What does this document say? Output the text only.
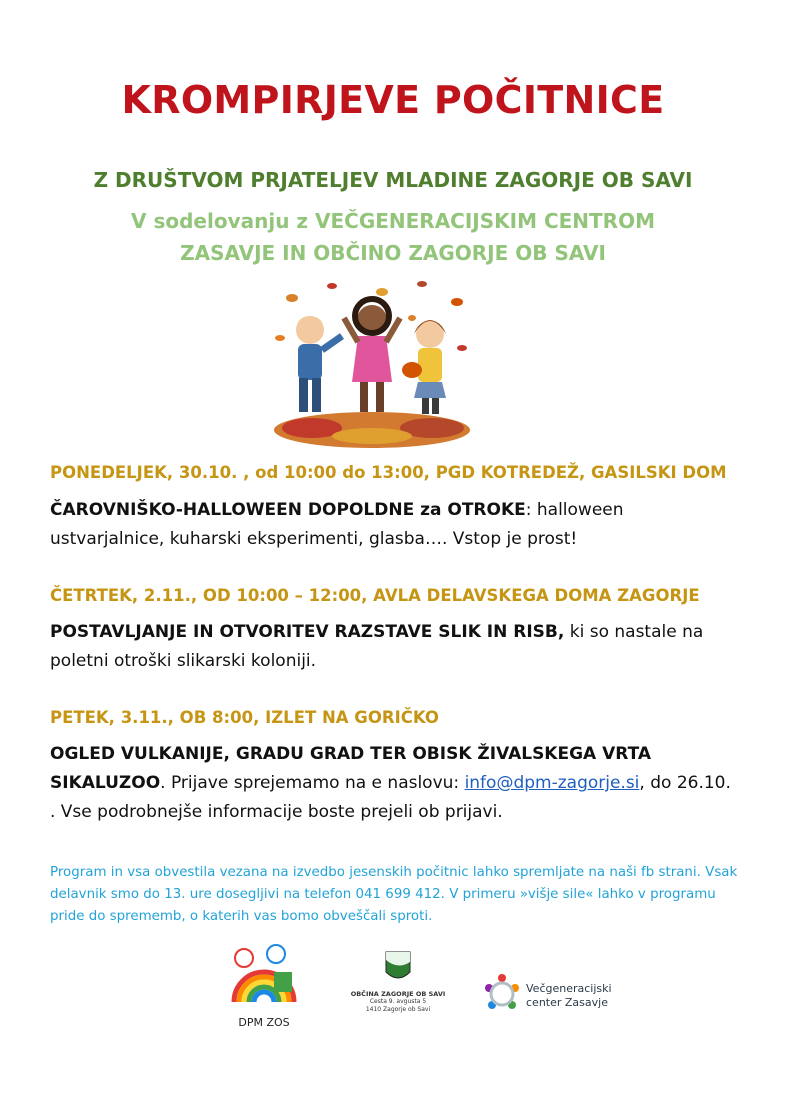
KROMPIRJEVE POČITNICE
Z DRUŠTVOM PRJATELJEV MLADINE ZAGORJE OB SAVI
V sodelovanju z VEČGENERACIJSKIM CENTROM
ZASAVJE IN OBČINO ZAGORJE OB SAVI
PONEDELJEK, 30.10. , od 10:00 do 13:00, PGD KOTREDEŽ, GASILSKI DOM
ČAROVNIŠKO-HALLOWEEN DOPOLDNE za OTROKE: halloween ustvarjalnice, kuharski eksperimenti, glasba…. Vstop je prost!
ČETRTEK, 2.11., OD 10:00 – 12:00, AVLA DELAVSKEGA DOMA ZAGORJE
POSTAVLJANJE IN OTVORITEV RAZSTAVE SLIK IN RISB, ki so nastale na poletni otroški slikarski koloniji.
PETEK, 3.11., OB 8:00, IZLET NA GORIČKO
OGLED VULKANIJE, GRADU GRAD TER OBISK ŽIVALSKEGA VRTA SIKALUZOO. Prijave sprejemamo na e naslovu: info@dpm-zagorje.si, do 26.10. . Vse podrobnejše informacije boste prejeli ob prijavi.
Program in vsa obvestila vezana na izvedbo jesenskih počitnic lahko spremljate na naši fb strani. Vsak delavnik smo do 13. ure dosegljivi na telefon 041 699 412. V primeru »višje sile« lahko v programu pride do sprememb, o katerih vas bomo obveščali sproti.
DPM ZOS
OBČINA ZAGORJE OB SAVI
Cesta 9. avgusta 5
1410 Zagorje ob Savi
Večgeneracijski
center Zasavje
